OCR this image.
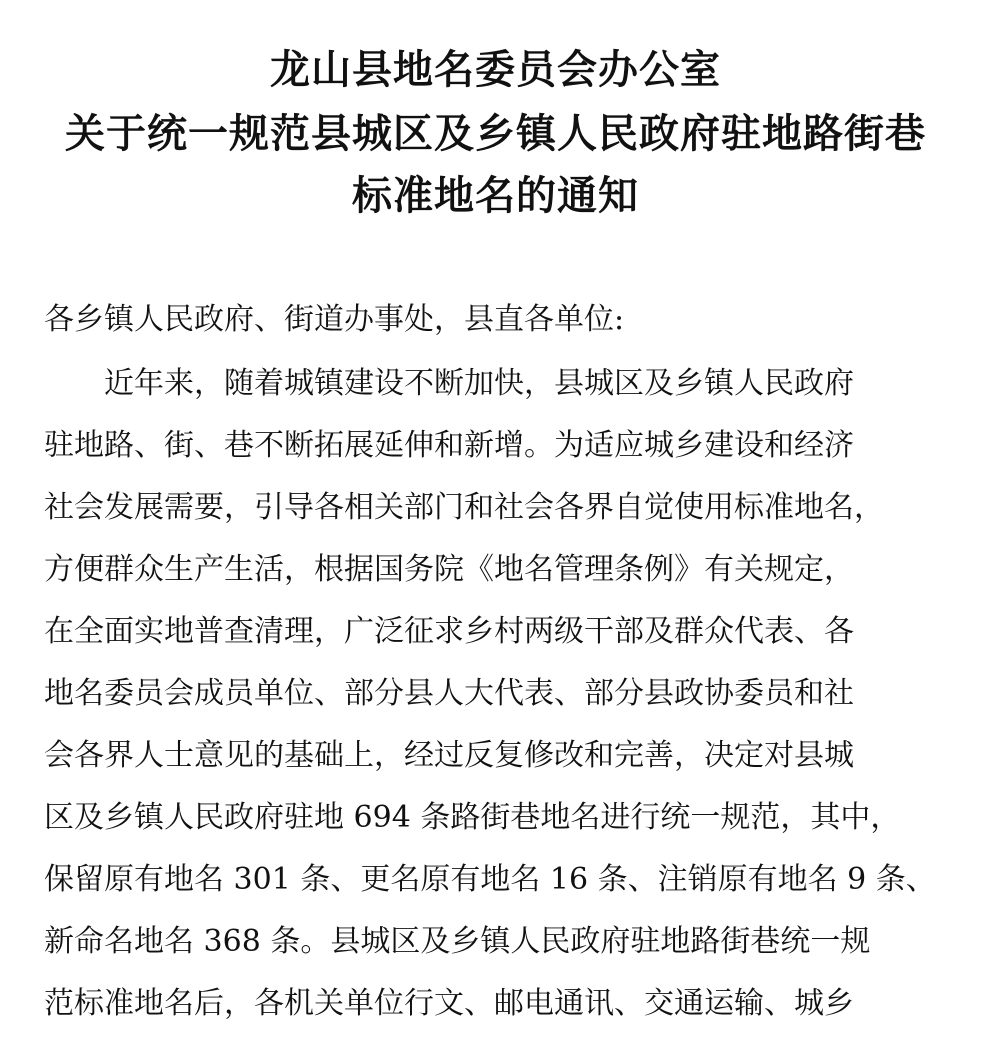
龙山县地名委员会办公室
关于统一规范县城区及乡镇人民政府驻地路街巷
标准地名的通知
各乡镇人民政府、街道办事处，县直各单位:
近年来，随着城镇建设不断加快，县城区及乡镇人民政府
驻地路、街、巷不断拓展延伸和新增。为适应城乡建设和经济
社会发展需要，引导各相关部门和社会各界自觉使用标准地名，
方便群众生产生活，根据国务院《地名管理条例》有关规定，
在全面实地普查清理，广泛征求乡村两级干部及群众代表、各
地名委员会成员单位、部分县人大代表、部分县政协委员和社
会各界人士意见的基础上，经过反复修改和完善，决定对县城
区及乡镇人民政府驻地 694 条路街巷地名进行统一规范，其中，
保留原有地名 301 条、更名原有地名 16 条、注销原有地名 9 条、
新命名地名 368 条。县城区及乡镇人民政府驻地路街巷统一规
范标准地名后，各机关单位行文、邮电通讯、交通运输、城乡
